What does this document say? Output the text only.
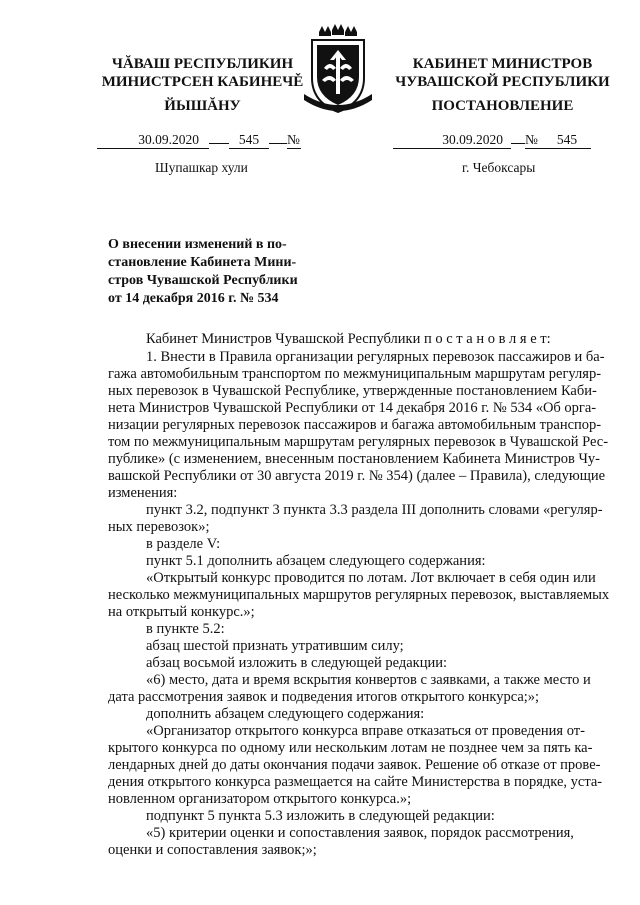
ЧĂВАШ РЕСПУБЛИКИН
МИНИСТРСЕН КАБИНЕЧĚ
ЙЫШĂНУ
КАБИНЕТ МИНИСТРОВ
ЧУВАШСКОЙ РЕСПУБЛИКИ
ПОСТАНОВЛЕНИЕ
30.09.2020	545 №	30.09.2020 № 545
Шупашкар хули	г. Чебоксары
О внесении изменений в по-
становление Кабинета Мини-
стров Чувашской Республики
от 14 декабря 2016 г. № 534
Кабинет Министров Чувашской Республики п о с т а н о в л я е т:
1. Внести в Правила организации регулярных перевозок пассажиров и ба-
гажа автомобильным транспортом по межмуниципальным маршрутам регуляр-
ных перевозок в Чувашской Республике, утвержденные постановлением Каби-
нета Министров Чувашской Республики от 14 декабря 2016 г. № 534 «Об орга-
низации регулярных перевозок пассажиров и багажа автомобильным транспор-
том по межмуниципальным маршрутам регулярных перевозок в Чувашской Рес-
публике» (с изменением, внесенным постановлением Кабинета Министров Чу-
вашской Республики от 30 августа 2019 г. № 354) (далее – Правила), следующие
изменения:
пункт 3.2, подпункт 3 пункта 3.3 раздела III дополнить словами «регуляр-
ных перевозок»;
в разделе V:
пункт 5.1 дополнить абзацем следующего содержания:
«Открытый конкурс проводится по лотам. Лот включает в себя один или
несколько межмуниципальных маршрутов регулярных перевозок, выставляемых
на открытый конкурс.»;
в пункте 5.2:
абзац шестой признать утратившим силу;
абзац восьмой изложить в следующей редакции:
«6) место, дата и время вскрытия конвертов с заявками, а также место и
дата рассмотрения заявок и подведения итогов открытого конкурса;»;
дополнить абзацем следующего содержания:
«Организатор открытого конкурса вправе отказаться от проведения от-
крытого конкурса по одному или нескольким лотам не позднее чем за пять ка-
лендарных дней до даты окончания подачи заявок. Решение об отказе от прове-
дения открытого конкурса размещается на сайте Министерства в порядке, уста-
новленном организатором открытого конкурса.»;
подпункт 5 пункта 5.3 изложить в следующей редакции:
«5) критерии оценки и сопоставления заявок, порядок рассмотрения,
оценки и сопоставления заявок;»;
